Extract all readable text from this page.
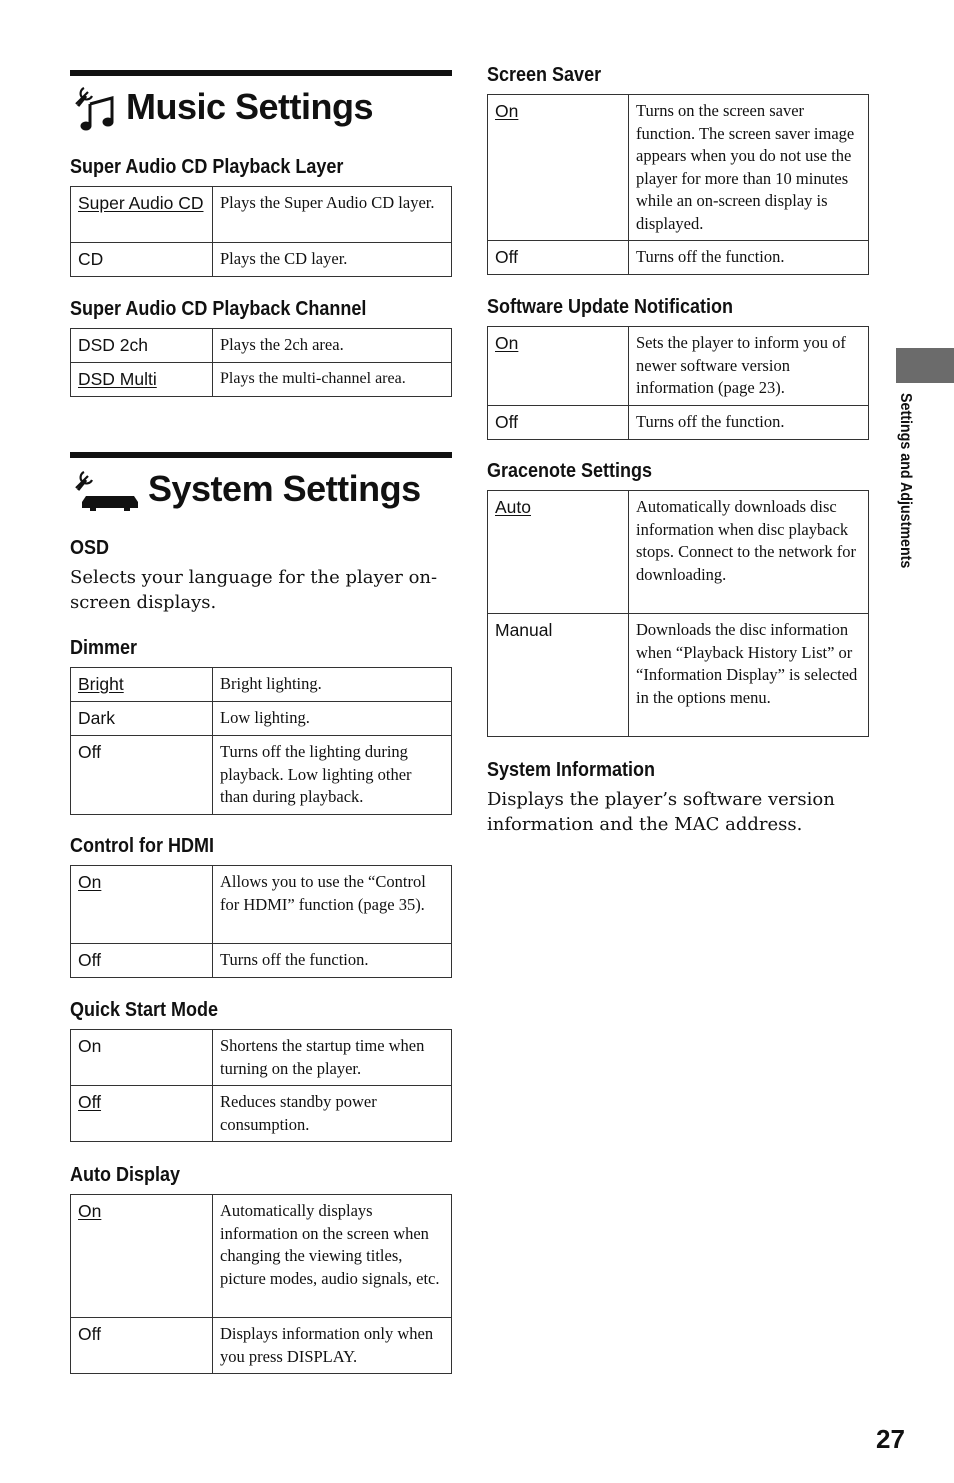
Music Settings
Super Audio CD Playback Layer
Super Audio CD	Plays the Super Audio CD layer.
CD	Plays the CD layer.
Super Audio CD Playback Channel
DSD 2ch	Plays the 2ch area.
DSD Multi	Plays the multi-channel area.
System Settings
OSD
Selects your language for the player on-screen displays.
Dimmer
Bright	Bright lighting.
Dark	Low lighting.
Off	Turns off the lighting during playback. Low lighting other than during playback.
Control for HDMI
On	Allows you to use the “Control for HDMI” function (page 35).
Off	Turns off the function.
Quick Start Mode
On	Shortens the startup time when turning on the player.
Off	Reduces standby power consumption.
Auto Display
On	Automatically displays information on the screen when changing the viewing titles, picture modes, audio signals, etc.
Off	Displays information only when you press DISPLAY.
Screen Saver
On	Turns on the screen saver function. The screen saver image appears when you do not use the player for more than 10 minutes while an on-screen display is displayed.
Off	Turns off the function.
Software Update Notification
On	Sets the player to inform you of newer software version information (page 23).
Off	Turns off the function.
Gracenote Settings
Auto	Automatically downloads disc information when disc playback stops. Connect to the network for downloading.
Manual	Downloads the disc information when “Playback History List” or “Information Display” is selected in the options menu.
System Information
Displays the player’s software version information and the MAC address.
Settings and Adjustments
27
